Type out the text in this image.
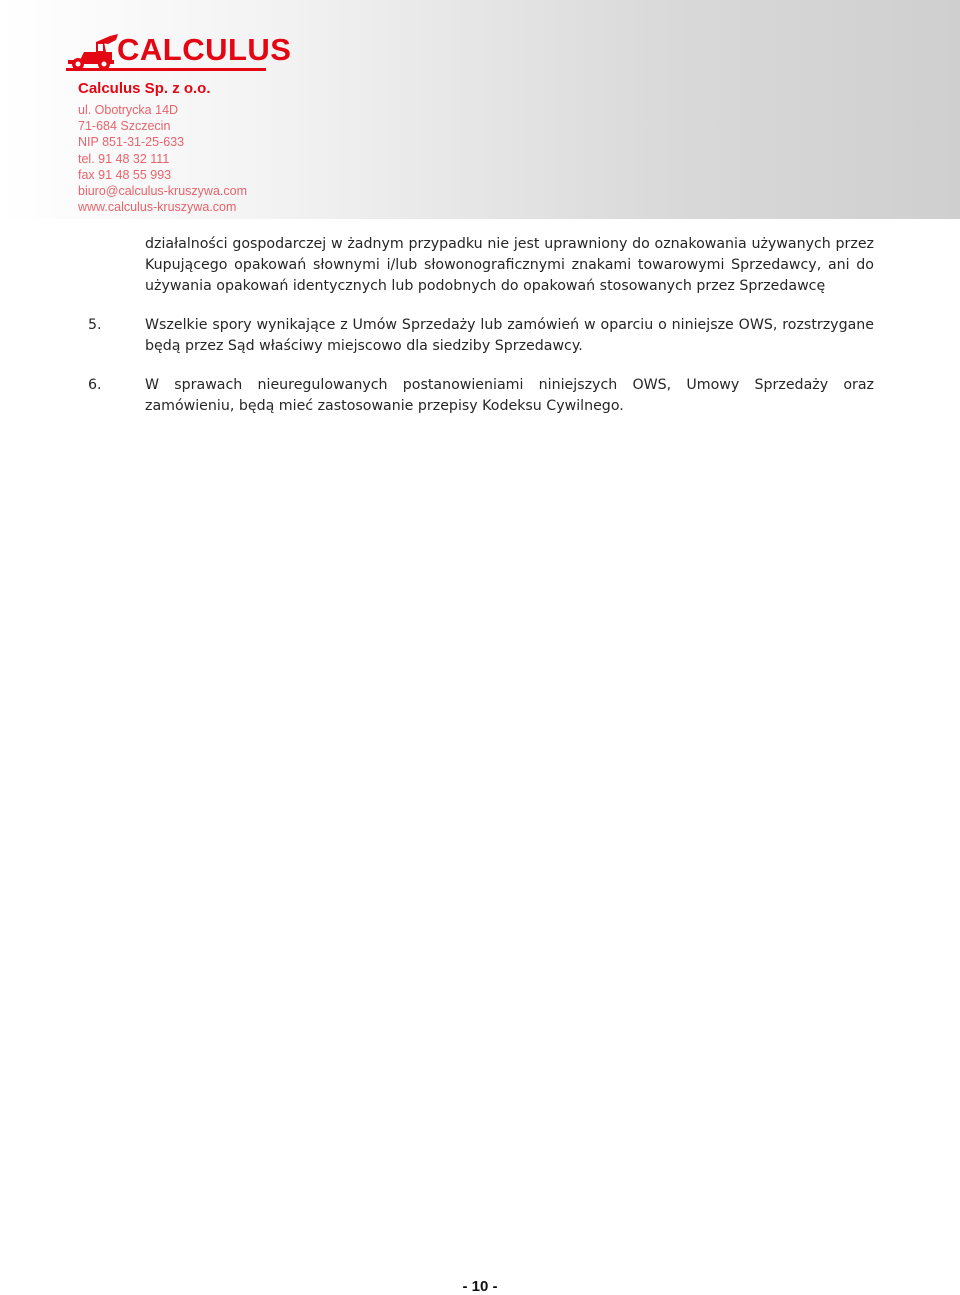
CALCULUS
Calculus Sp. z o.o.
ul. Obotrycka 14D
71-684 Szczecin
NIP 851-31-25-633
tel. 91 48 32 111
fax 91 48 55 993
biuro@calculus-kruszywa.com
www.calculus-kruszywa.com

działalności gospodarczej w żadnym przypadku nie jest uprawniony do oznakowania używanych przez Kupującego opakowań słownymi i/lub słowonograficznymi znakami towarowymi Sprzedawcy, ani do używania opakowań identycznych lub podobnych do opakowań stosowanych przez Sprzedawcę

5.	Wszelkie spory wynikające z Umów Sprzedaży lub zamówień w oparciu o niniejsze OWS, rozstrzygane będą przez Sąd właściwy miejscowo dla siedziby Sprzedawcy.
6.	W sprawach nieuregulowanych postanowieniami niniejszych OWS, Umowy Sprzedaży oraz zamówieniu, będą mieć zastosowanie przepisy Kodeksu Cywilnego.
- 10 -
